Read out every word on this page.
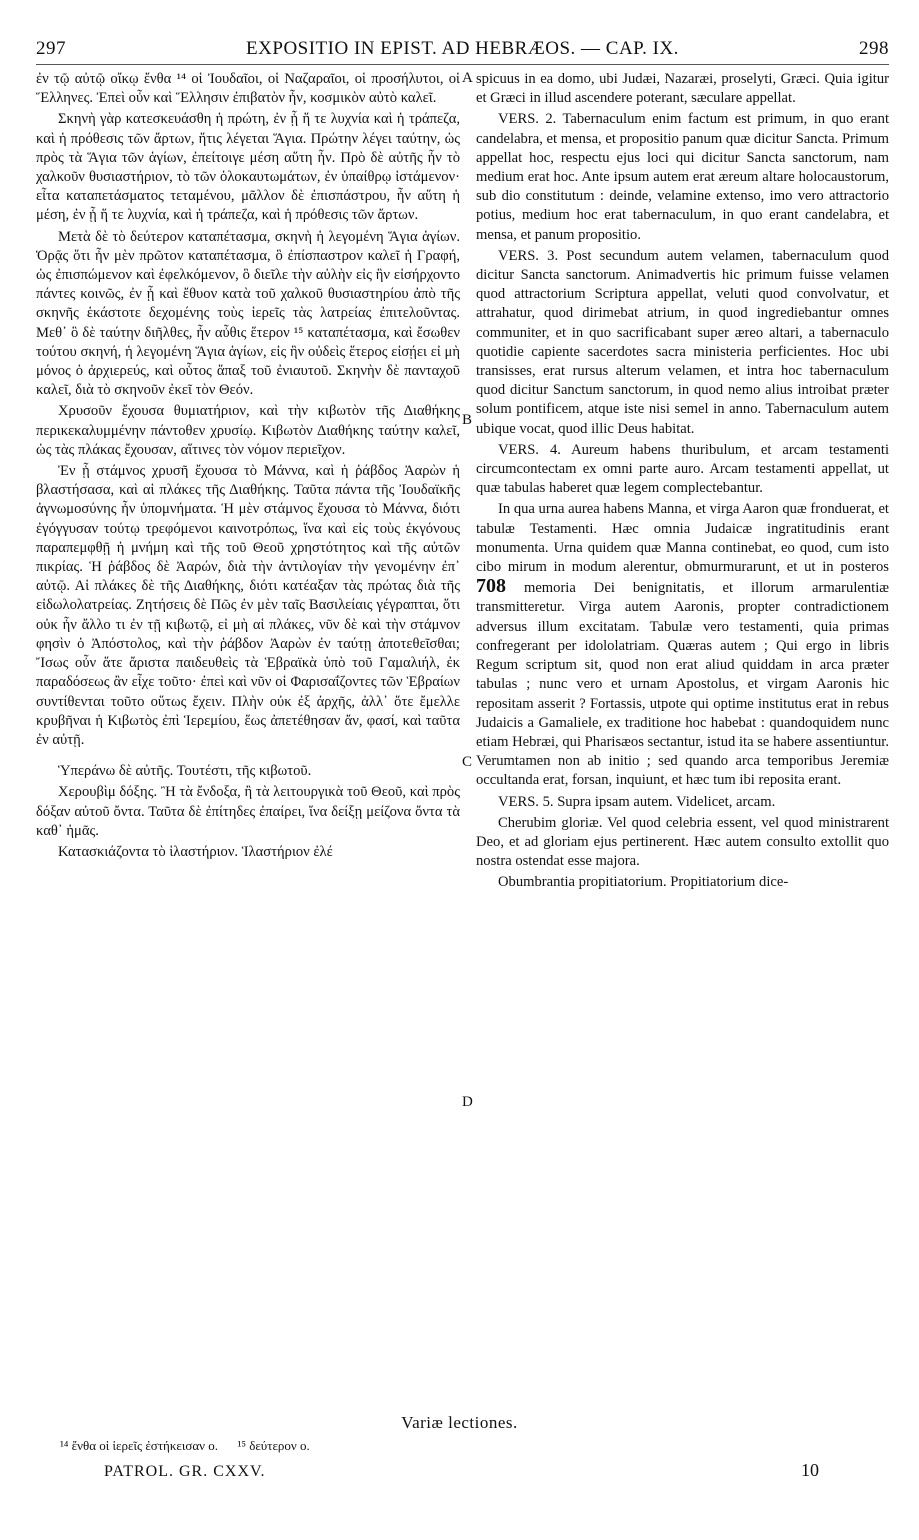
297	EXPOSITIO IN EPIST. AD HEBRÆOS. — CAP. IX.	298

ἐν τῷ αὐτῷ οἴκῳ ἔνθα ¹⁴ οἱ Ἰουδαῖοι, οἱ Ναζαραῖοι, οἱ προσήλυτοι, οἱ Ἕλληνες. Ἐπεὶ οὖν καὶ Ἕλλησιν ἐπιβατὸν ἦν, κοσμικὸν αὐτὸ καλεῖ.

Σκηνὴ γὰρ κατεσκευάσθη ἡ πρώτη, ἐν ᾗ ἥ τε λυχνία καὶ ἡ τράπεζα, καὶ ἡ πρόθεσις τῶν ἄρτων, ἥτις λέγεται Ἅγια. Πρώτην λέγει ταύτην, ὡς πρὸς τὰ Ἅγια τῶν ἁγίων, ἐπείτοιγε μέση αὕτη ἦν. Πρὸ δὲ αὐτῆς ἦν τὸ χαλκοῦν θυσιαστήριον, τὸ τῶν ὁλοκαυτωμάτων, ἐν ὑπαίθρῳ ἱστάμενον· εἶτα καταπετάσματος τεταμένου, μᾶλλον δὲ ἐπισπάστρου, ἦν αὕτη ἡ μέση, ἐν ᾗ ἥ τε λυχνία, καὶ ἡ τράπεζα, καὶ ἡ πρόθεσις τῶν ἄρτων.

Μετὰ δὲ τὸ δεύτερον καταπέτασμα, σκηνὴ ἡ λεγομένη Ἅγια ἁγίων. Ὁρᾷς ὅτι ἦν μὲν πρῶτον καταπέτασμα, ὃ ἐπίσπαστρον καλεῖ ἡ Γραφή, ὡς ἐπισπώμενον καὶ ἐφελκόμενον, ὃ διεῖλε τὴν αὐλὴν εἰς ἣν εἰσήρχοντο πάντες κοινῶς, ἐν ᾗ καὶ ἔθυον κατὰ τοῦ χαλκοῦ θυσιαστηρίου ἀπὸ τῆς σκηνῆς ἑκάστοτε δεχομένης τοὺς ἱερεῖς τὰς λατρείας ἐπιτελοῦντας. Μεθ᾽ ὃ δὲ ταύτην διῆλθες, ἦν αὖθις ἕτερον ¹⁵ καταπέτασμα, καὶ ἔσωθεν τούτου σκηνή, ἡ λεγομένη Ἅγια ἁγίων, εἰς ἣν οὐδεὶς ἕτερος εἰσῄει εἰ μὴ μόνος ὁ ἀρχιερεύς, καὶ οὗτος ἅπαξ τοῦ ἐνιαυτοῦ. Σκηνὴν δὲ πανταχοῦ καλεῖ, διὰ τὸ σκηνοῦν ἐκεῖ τὸν Θεόν.

Χρυσοῦν ἔχουσα θυμιατήριον, καὶ τὴν κιβωτὸν τῆς Διαθήκης περικεκαλυμμένην πάντοθεν χρυσίῳ. Κιβωτὸν Διαθήκης ταύτην καλεῖ, ὡς τὰς πλάκας ἔχουσαν, αἵτινες τὸν νόμον περιεῖχον.

Ἐν ᾗ στάμνος χρυσῆ ἔχουσα τὸ Μάννα, καὶ ἡ ῥάβδος Ἀαρὼν ἡ βλαστήσασα, καὶ αἱ πλάκες τῆς Διαθήκης. Ταῦτα πάντα τῆς Ἰουδαϊκῆς ἀγνωμοσύνης ἦν ὑπομνήματα. Ἡ μὲν στάμνος ἔχουσα τὸ Μάννα, διότι ἐγόγγυσαν τούτῳ τρεφόμενοι καινοτρόπως, ἵνα καὶ εἰς τοὺς ἐκγόνους παραπεμφθῇ ἡ μνήμη καὶ τῆς τοῦ Θεοῦ χρηστότητος καὶ τῆς αὐτῶν πικρίας. Ἡ ῥάβδος δὲ Ἀαρών, διὰ τὴν ἀντιλογίαν τὴν γενομένην ἐπ᾽ αὐτῷ. Αἱ πλάκες δὲ τῆς Διαθήκης, διότι κατέαξαν τὰς πρώτας διὰ τῆς εἰδωλολατρείας. Ζητήσεις δὲ Πῶς ἐν μὲν ταῖς Βασιλείαις γέγραπται, ὅτι οὐκ ἦν ἄλλο τι ἐν τῇ κιβωτῷ, εἰ μὴ αἱ πλάκες, νῦν δὲ καὶ τὴν στάμνον φησὶν ὁ Ἀπόστολος, καὶ τὴν ῥάβδον Ἀαρὼν ἐν ταύτῃ ἀποτεθεῖσθαι; Ἴσως οὖν ἅτε ἄριστα παιδευθεὶς τὰ Ἑβραϊκὰ ὑπὸ τοῦ Γαμαλιήλ, ἐκ παραδόσεως ἂν εἶχε τοῦτο· ἐπεὶ καὶ νῦν οἱ Φαρισαΐζοντες τῶν Ἑβραίων συντίθενται τοῦτο οὕτως ἔχειν. Πλὴν οὐκ ἐξ ἀρχῆς, ἀλλ᾽ ὅτε ἔμελλε κρυβῆναι ἡ Κιβωτὸς ἐπὶ Ἱερεμίου, ἕως ἀπετέθησαν ἄν, φασί, καὶ ταῦτα ἐν αὐτῇ.

Ὑπεράνω δὲ αὐτῆς. Τουτέστι, τῆς κιβωτοῦ.

Χερουβὶμ δόξης. Ἢ τὰ ἔνδοξα, ἢ τὰ λειτουργικὰ τοῦ Θεοῦ, καὶ πρὸς δόξαν αὐτοῦ ὄντα. Ταῦτα δὲ ἐπίτηδες ἐπαίρει, ἵνα δείξῃ μείζονα ὄντα τὰ καθ᾽ ἡμᾶς.

Κατασκιάζοντα τὸ ἱλαστήριον. Ἱλαστήριον ἐλέ

A
B
C
D

spicuus in ea domo, ubi Judæi, Nazaræi, proselyti, Græci. Quia igitur et Græci in illud ascendere poterant, sæculare appellat.

VERS. 2. Tabernaculum enim factum est primum, in quo erant candelabra, et mensa, et propositio panum quæ dicitur Sancta. Primum appellat hoc, respectu ejus loci qui dicitur Sancta sanctorum, nam medium erat hoc. Ante ipsum autem erat æreum altare holocaustorum, sub dio constitutum : deinde, velamine extenso, imo vero attractorio potius, medium hoc erat tabernaculum, in quo erant candelabra, et mensa, et panum propositio.

VERS. 3. Post secundum autem velamen, tabernaculum quod dicitur Sancta sanctorum. Animadvertis hic primum fuisse velamen quod attractorium Scriptura appellat, veluti quod convolvatur, et attrahatur, quod dirimebat atrium, in quod ingrediebantur omnes communiter, et in quo sacrificabant super æreo altari, a tabernaculo quotidie capiente sacerdotes sacra ministeria perficientes. Hoc ubi transisses, erat rursus alterum velamen, et intra hoc tabernaculum quod dicitur Sanctum sanctorum, in quod nemo alius introibat præter solum pontificem, atque iste nisi semel in anno. Tabernaculum autem ubique vocat, quod illic Deus habitat.

VERS. 4. Aureum habens thuribulum, et arcam testamenti circumcontectam ex omni parte auro. Arcam testamenti appellat, ut quæ tabulas haberet quæ legem complectebantur.

In qua urna aurea habens Manna, et virga Aaron quæ fronduerat, et tabulæ Testamenti. Hæc omnia Judaicæ ingratitudinis erant monumenta. Urna quidem quæ Manna continebat, eo quod, cum isto cibo mirum in modum alerentur, obmurmurarunt, et ut in posteros 708 memoria Dei benignitatis, et illorum armarulentiæ transmitteretur. Virga autem Aaronis, propter contradictionem adversus illum excitatam. Tabulæ vero testamenti, quia primas confregerant per idololatriam. Quæras autem ; Qui ergo in libris Regum scriptum sit, quod non erat aliud quiddam in arca præter tabulas ; nunc vero et urnam Apostolus, et virgam Aaronis hic repositam asserit ? Fortassis, utpote qui optime institutus erat in rebus Judaicis a Gamaliele, ex traditione hoc habebat : quandoquidem nunc etiam Hebræi, qui Pharisæos sectantur, istud ita se habere assentiuntur. Verumtamen non ab initio ; sed quando arca temporibus Jeremiæ occultanda erat, forsan, inquiunt, et hæc tum ibi reposita erant.

VERS. 5. Supra ipsam autem. Videlicet, arcam.

Cherubim gloriæ. Vel quod celebria essent, vel quod ministrarent Deo, et ad gloriam ejus pertinerent. Hæc autem consulto extollit quo nostra ostendat esse majora.

Obumbrantia propitiatorium. Propitiatorium dice-

Variæ lectiones.
¹⁴ ἔνθα οἱ ἱερεῖς ἐστήκεισαν ο. ¹⁵ δεύτερον ο.
PATROL. GR. CXXV.	10
